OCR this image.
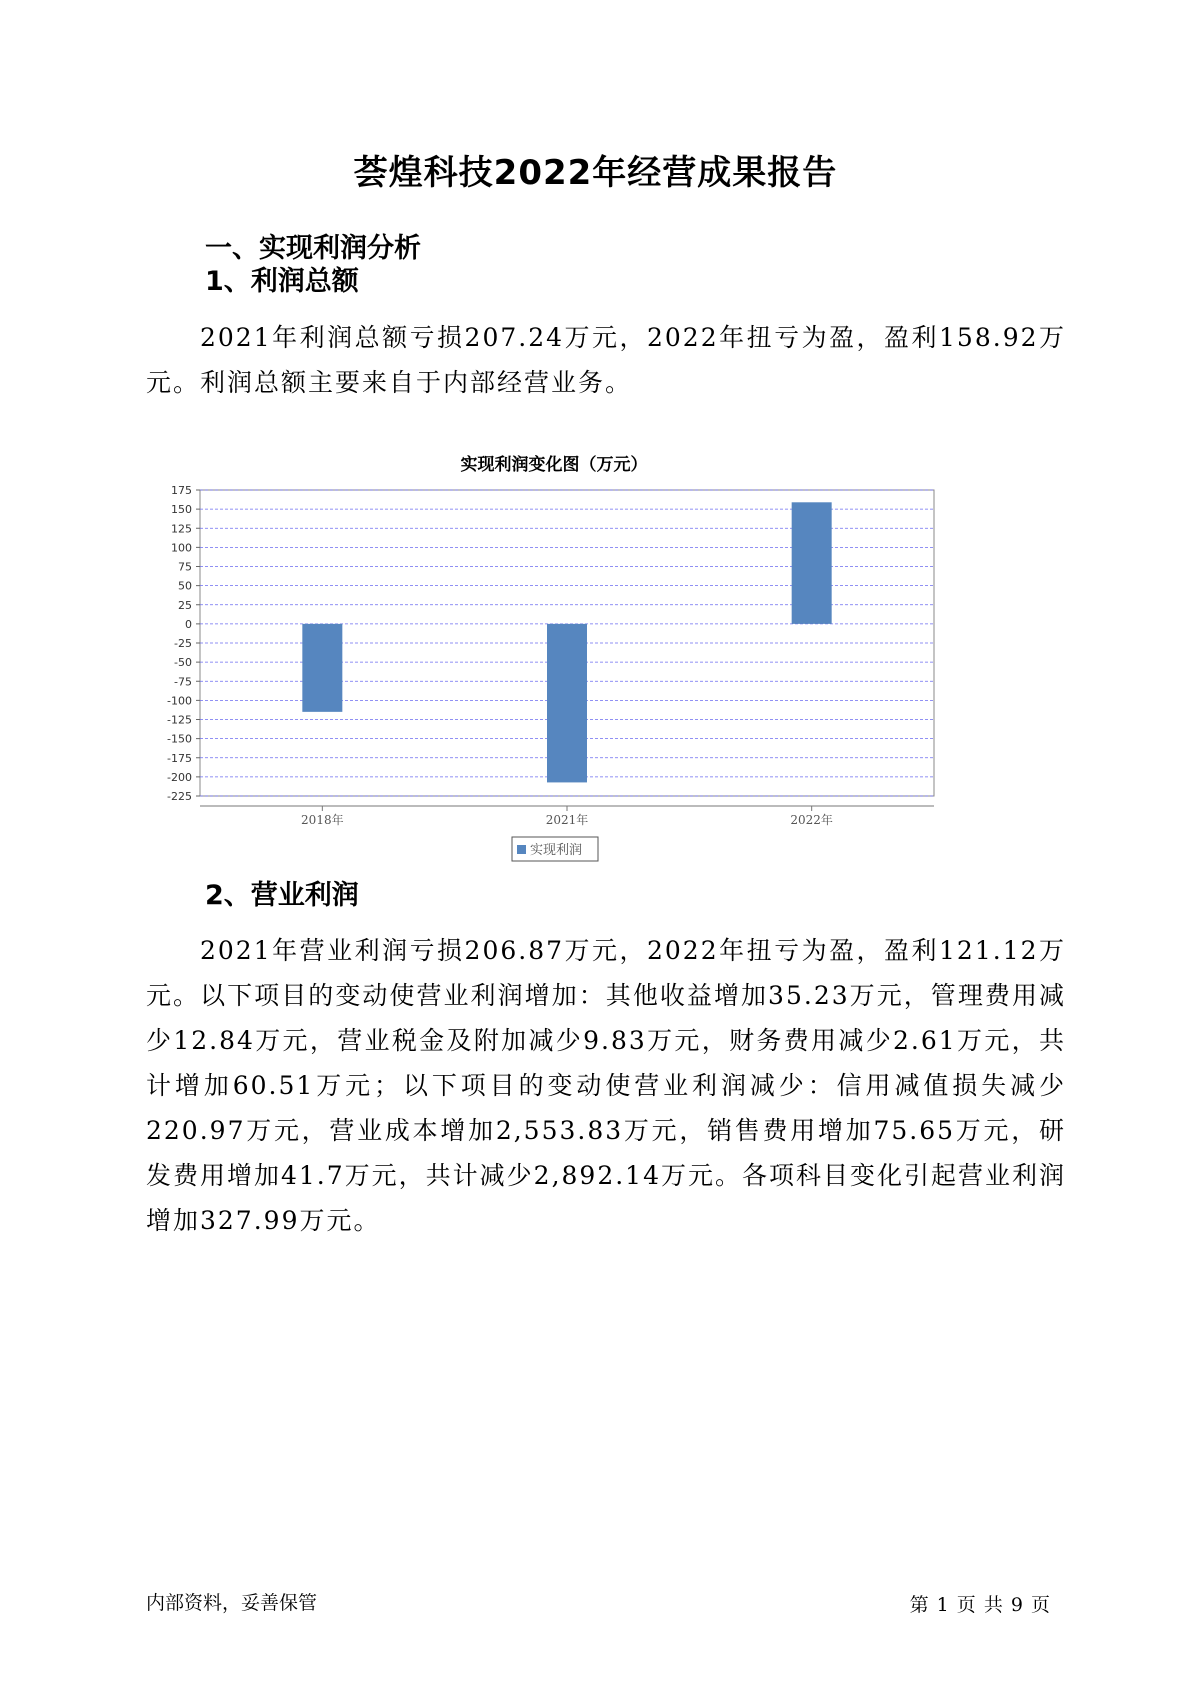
荟煌科技2022年经营成果报告
一、实现利润分析
1、利润总额
2021年利润总额亏损207.24万元，2022年扭亏为盈，盈利158.92万元。利润总额主要来自于内部经营业务。
实现利润变化图（万元）
175
150
125
100
75
50
25
0
-25
-50
-75
-100
-125
-150
-175
-200
-225
2018年	2021年	2022年
实现利润
2、营业利润
2021年营业利润亏损206.87万元，2022年扭亏为盈，盈利121.12万元。以下项目的变动使营业利润增加：其他收益增加35.23万元，管理费用减少12.84万元，营业税金及附加减少9.83万元，财务费用减少2.61万元，共计增加60.51万元；以下项目的变动使营业利润减少：信用减值损失减少220.97万元，营业成本增加2,553.83万元，销售费用增加75.65万元，研发费用增加41.7万元，共计减少2,892.14万元。各项科目变化引起营业利润增加327.99万元。
内部资料，妥善保管	第 1 页 共 9 页
